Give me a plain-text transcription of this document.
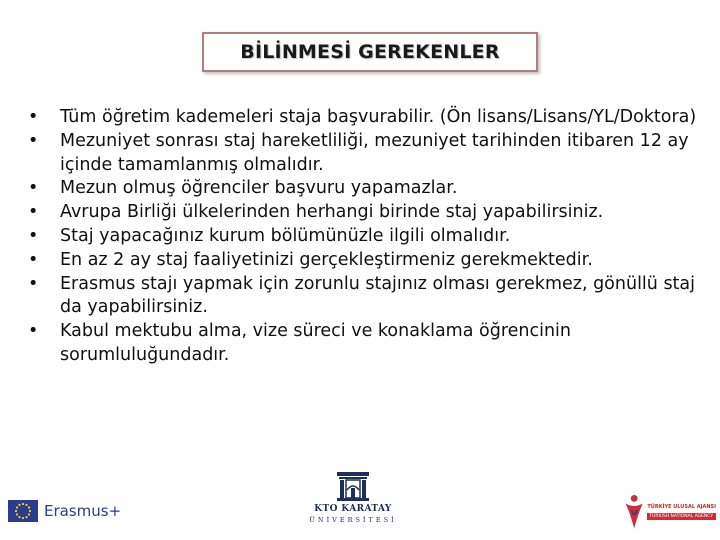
BİLİNMESİ GEREKENLER
• Tüm öğretim kademeleri staja başvurabilir. (Ön lisans/Lisans/YL/Doktora)
• Mezuniyet sonrası staj hareketliliği, mezuniyet tarihinden itibaren 12 ay içinde tamamlanmış olmalıdır.
• Mezun olmuş öğrenciler başvuru yapamazlar.
• Avrupa Birliği ülkelerinden herhangi birinde staj yapabilirsiniz.
• Staj yapacağınız kurum bölümünüzle ilgili olmalıdır.
• En az 2 ay staj faaliyetinizi gerçekleştirmeniz gerekmektedir.
• Erasmus stajı yapmak için zorunlu stajınız olması gerekmez, gönüllü staj da yapabilirsiniz.
• Kabul mektubu alma, vize süreci ve konaklama öğrencinin sorumluluğundadır.
Erasmus+	KTO KARATAY
ÜNİVERSİTESİ
TÜRKİYE ULUSAL AJANSI
TURKISH NATIONAL AGENCY
